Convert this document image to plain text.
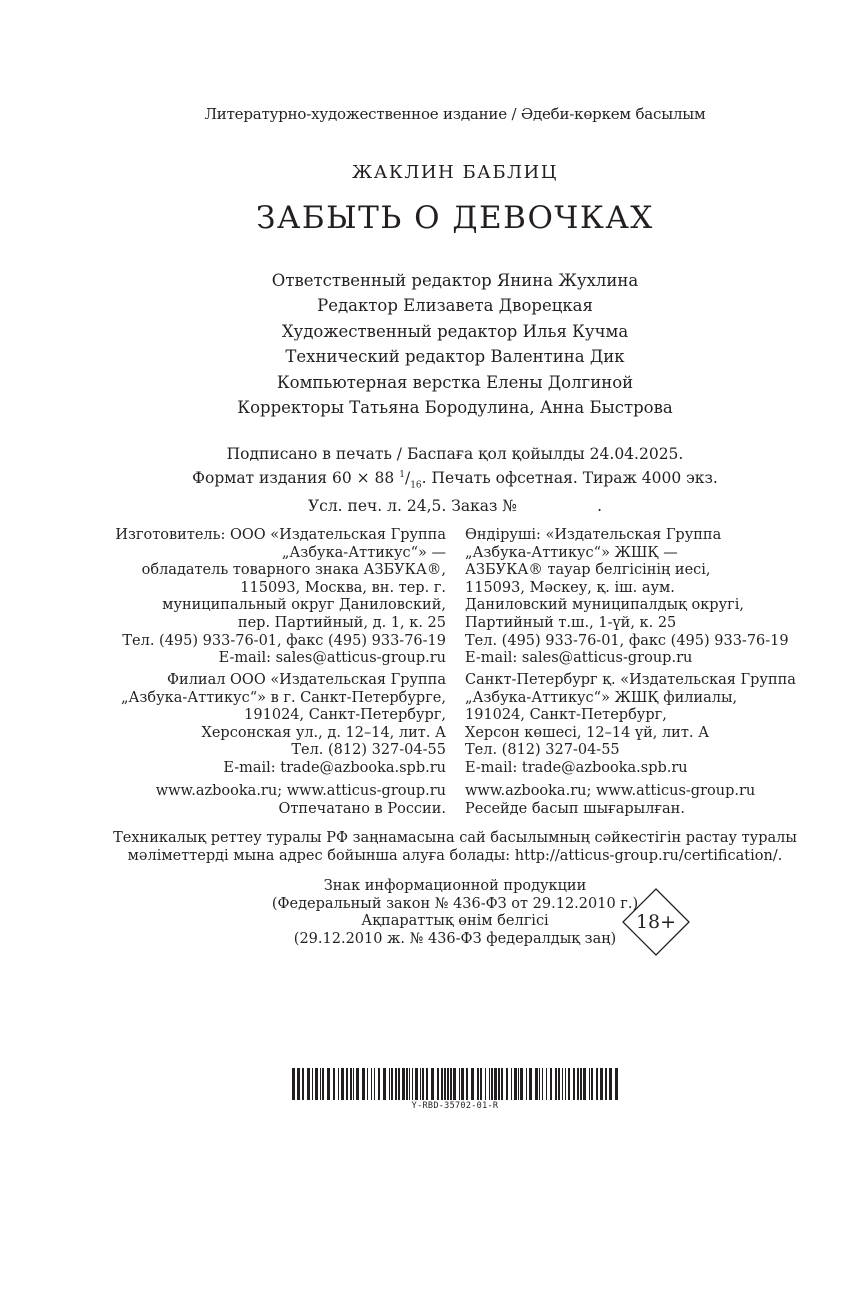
Литературно-художественное издание / Әдеби-көркем басылым
ЖАКЛИН БАБЛИЦ
ЗАБЫТЬ О ДЕВОЧКАХ
Ответственный редактор Янина Жухлина
Редактор Елизавета Дворецкая
Художественный редактор Илья Кучма
Технический редактор Валентина Дик
Компьютерная верстка Елены Долгиной
Корректоры Татьяна Бородулина, Анна Быстрова
Подписано в печать / Баспаға қол қойылды 24.04.2025.
Формат издания 60 × 88 $^1/_{16}$. Печать офсетная. Тираж 4000 экз.
Усл. печ. л. 24,5. Заказ №	.
Изготовитель: ООО «Издательская Группа
„Азбука-Аттикус“» —
обладатель товарного знака АЗБУКА®,
115093, Москва, вн. тер. г.
муниципальный округ Даниловский,
пер. Партийный, д. 1, к. 25
Тел. (495) 933-76-01, факс (495) 933-76-19
E-mail: sales@atticus-group.ru
Өндіруші: «Издательская Группа
„Азбука-Аттикус“» ЖШҚ —
АЗБУКА® тауар белгісінің иесі,
115093, Мәскеу, қ. іш. аум.
Даниловский муниципалдық округі,
Партийный т.ш., 1-үй, к. 25
Тел. (495) 933-76-01, факс (495) 933-76-19
E-mail: sales@atticus-group.ru
Филиал ООО «Издательская Группа
„Азбука-Аттикус“» в г. Санкт-Петербурге,
191024, Санкт-Петербург,
Херсонская ул., д. 12–14, лит. А
Тел. (812) 327-04-55
E-mail: trade@azbooka.spb.ru
Санкт-Петербург қ. «Издательская Группа
„Азбука-Аттикус“» ЖШҚ филиалы,
191024, Санкт-Петербург,
Херсон көшесі, 12–14 үй, лит. А
Тел. (812) 327-04-55
E-mail: trade@azbooka.spb.ru
www.azbooka.ru; www.atticus-group.ru
Отпечатано в России.
www.azbooka.ru; www.atticus-group.ru
Ресейде басып шығарылған.
Техникалық реттеу туралы РФ заңнамасына сай басылымның сәйкестігін растау туралы
мәліметтерді мына адрес бойынша алуға болады: http://atticus-group.ru/certification/.
Знак информационной продукции
(Федеральный закон № 436-ФЗ от 29.12.2010 г.)
Ақпараттық өнім белгісі
(29.12.2010 ж. № 436-ФЗ федералдық заң)
18+
Y-RBD-35702-01-R
